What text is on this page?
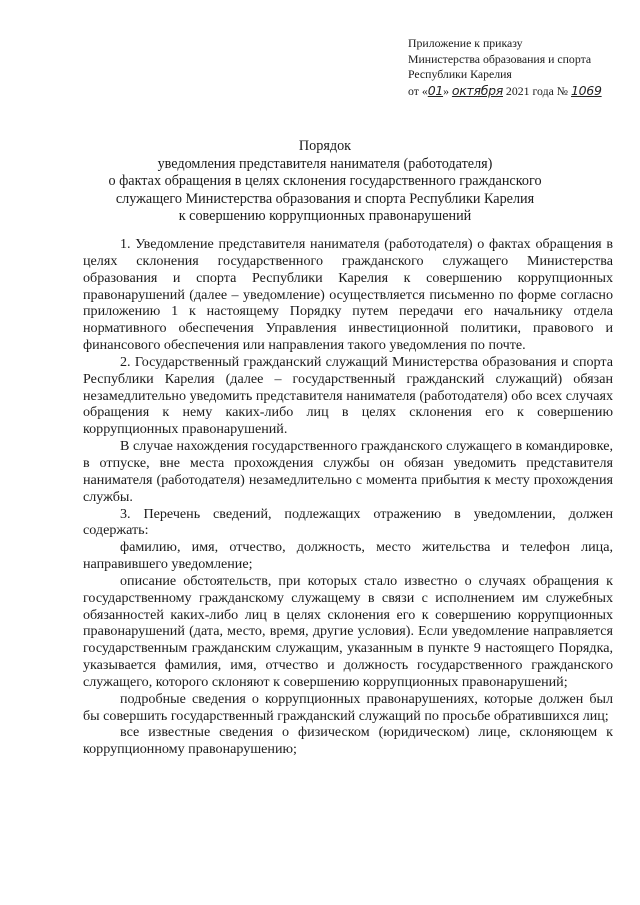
Приложение к приказу
Министерства образования и спорта
Республики Карелия
от «01» октября 2021 года № 1069
Порядок
уведомления представителя нанимателя (работодателя)
о фактах обращения в целях склонения государственного гражданского
служащего Министерства образования и спорта Республики Карелия
к совершению коррупционных правонарушений

1. Уведомление представителя нанимателя (работодателя) о фактах обращения в целях склонения государственного гражданского служащего Министерства образования и спорта Республики Карелия к совершению коррупционных правонарушений (далее – уведомление) осуществляется письменно по форме согласно приложению 1 к настоящему Порядку путем передачи его начальнику отдела нормативного обеспечения Управления инвестиционной политики, правового и финансового обеспечения или направления такого уведомления по почте.

2. Государственный гражданский служащий Министерства образования и спорта Республики Карелия (далее – государственный гражданский служащий) обязан незамедлительно уведомить представителя нанимателя (работодателя) обо всех случаях обращения к нему каких-либо лиц в целях склонения его к совершению коррупционных правонарушений.

В случае нахождения государственного гражданского служащего в командировке, в отпуске, вне места прохождения службы он обязан уведомить представителя нанимателя (работодателя) незамедлительно с момента прибытия к месту прохождения службы.

3. Перечень сведений, подлежащих отражению в уведомлении, должен содержать:

фамилию, имя, отчество, должность, место жительства и телефон лица, направившего уведомление;

описание обстоятельств, при которых стало известно о случаях обращения к государственному гражданскому служащему в связи с исполнением им служебных обязанностей каких-либо лиц в целях склонения его к совершению коррупционных правонарушений (дата, место, время, другие условия). Если уведомление направляется государственным гражданским служащим, указанным в пункте 9 настоящего Порядка, указывается фамилия, имя, отчество и должность государственного гражданского служащего, которого склоняют к совершению коррупционных правонарушений;

подробные сведения о коррупционных правонарушениях, которые должен был бы совершить государственный гражданский служащий по просьбе обратившихся лиц;

все известные сведения о физическом (юридическом) лице, склоняющем к коррупционному правонарушению;
